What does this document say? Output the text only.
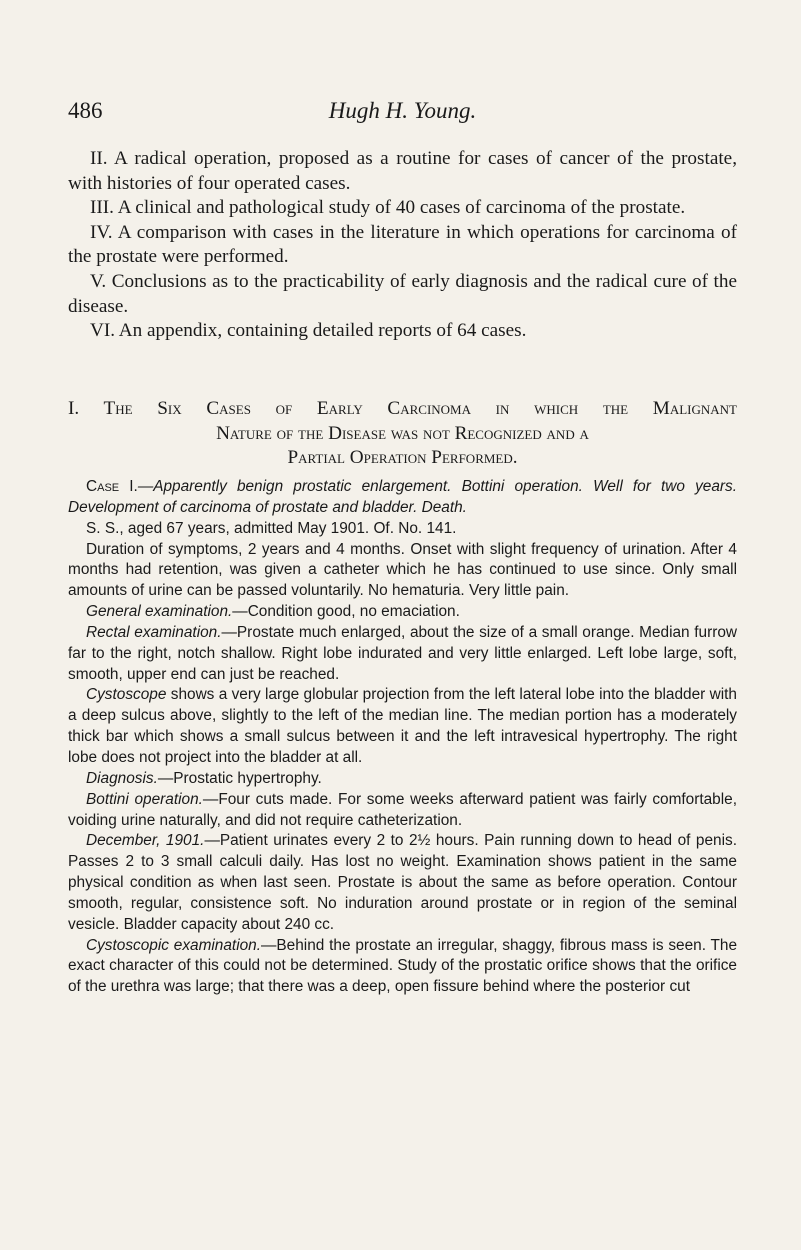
486	Hugh H. Young.

II. A radical operation, proposed as a routine for cases of cancer of the prostate, with histories of four operated cases.

III. A clinical and pathological study of 40 cases of carcinoma of the prostate.

IV. A comparison with cases in the literature in which operations for carcinoma of the prostate were performed.

V. Conclusions as to the practicability of early diagnosis and the radical cure of the disease.

VI. An appendix, containing detailed reports of 64 cases.

I. The Six Cases of Early Carcinoma in which the Malignant
Nature of the Disease was not Recognized and a
Partial Operation Performed.

Case I.—Apparently benign prostatic enlargement. Bottini operation. Well for two years. Development of carcinoma of prostate and bladder. Death.

S. S., aged 67 years, admitted May 1901. Of. No. 141.

Duration of symptoms, 2 years and 4 months. Onset with slight frequency of urination. After 4 months had retention, was given a catheter which he has continued to use since. Only small amounts of urine can be passed voluntarily. No hematuria. Very little pain.

General examination.—Condition good, no emaciation.

Rectal examination.—Prostate much enlarged, about the size of a small orange. Median furrow far to the right, notch shallow. Right lobe indurated and very little enlarged. Left lobe large, soft, smooth, upper end can just be reached.

Cystoscope shows a very large globular projection from the left lateral lobe into the bladder with a deep sulcus above, slightly to the left of the median line. The median portion has a moderately thick bar which shows a small sulcus between it and the left intravesical hypertrophy. The right lobe does not project into the bladder at all.

Diagnosis.—Prostatic hypertrophy.

Bottini operation.—Four cuts made. For some weeks afterward patient was fairly comfortable, voiding urine naturally, and did not require catheterization.

December, 1901.—Patient urinates every 2 to 2½ hours. Pain running down to head of penis. Passes 2 to 3 small calculi daily. Has lost no weight. Examination shows patient in the same physical condition as when last seen. Prostate is about the same as before operation. Contour smooth, regular, consistence soft. No induration around prostate or in region of the seminal vesicle. Bladder capacity about 240 cc.

Cystoscopic examination.—Behind the prostate an irregular, shaggy, fibrous mass is seen. The exact character of this could not be determined. Study of the prostatic orifice shows that the orifice of the urethra was large; that there was a deep, open fissure behind where the posterior cut
